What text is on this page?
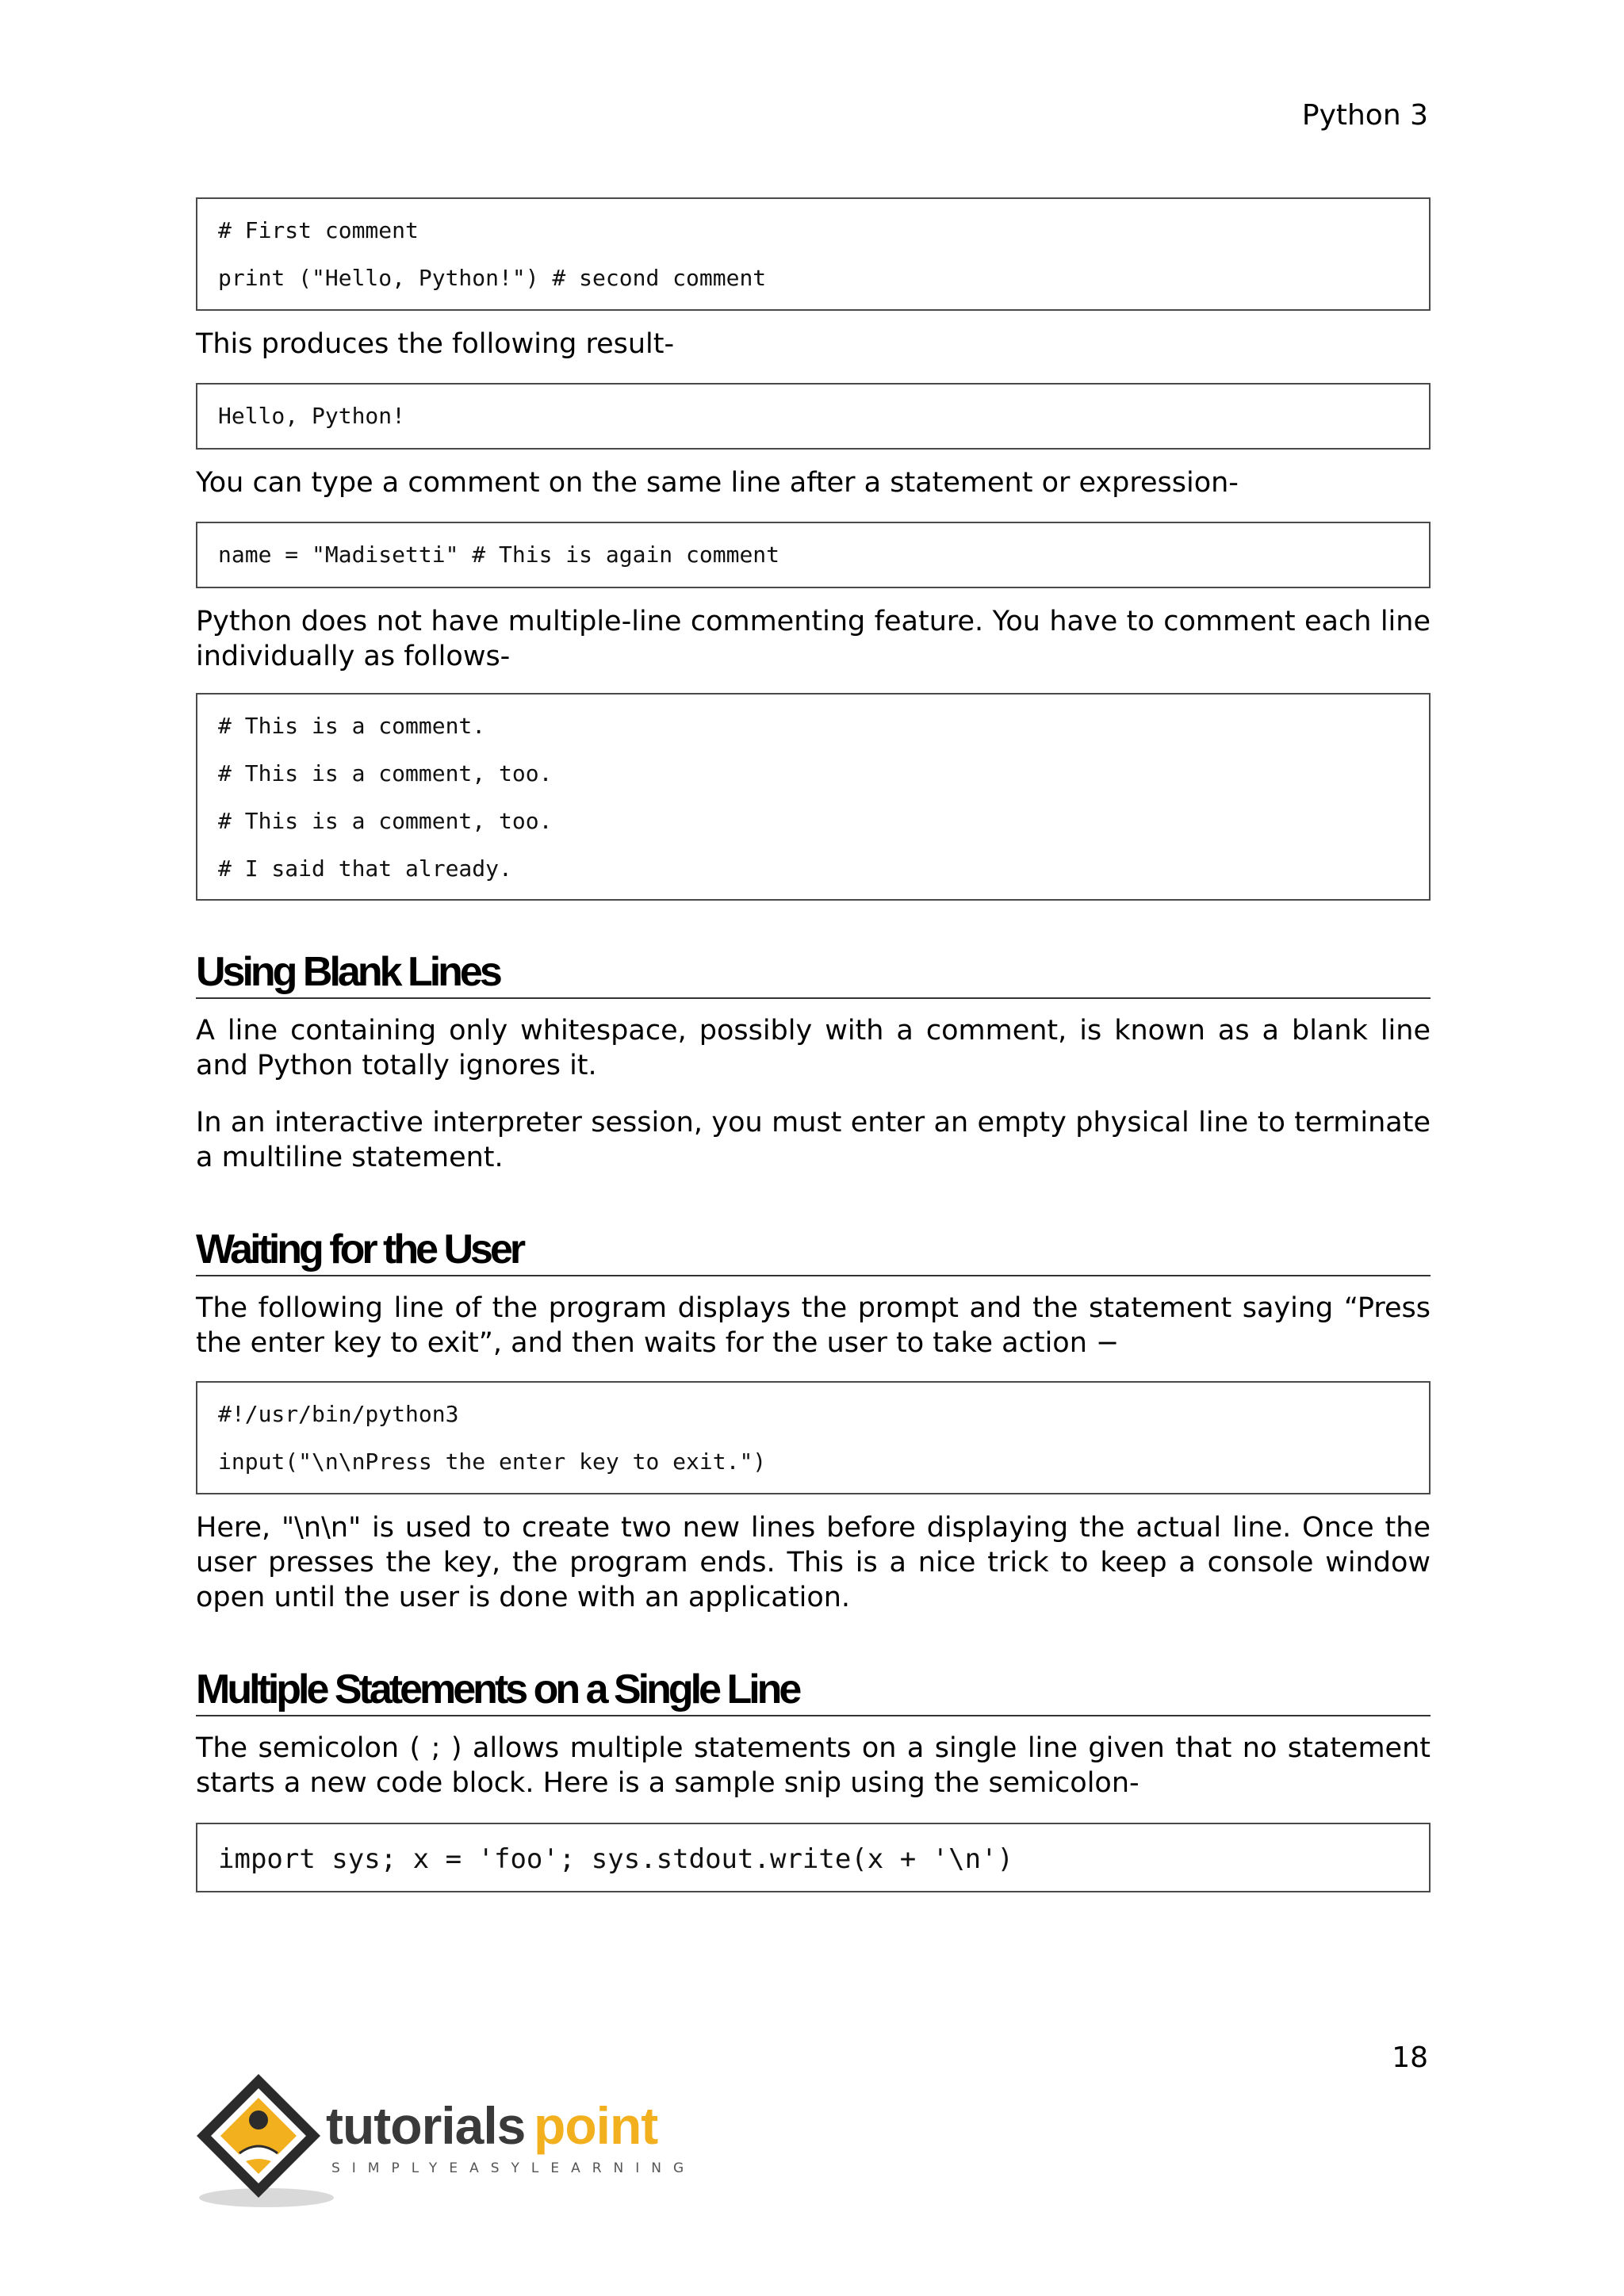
Python 3
# First comment
print ("Hello, Python!") # second comment

This produces the following result-

Hello, Python!

You can type a comment on the same line after a statement or expression-

name = "Madisetti" # This is again comment

Python does not have multiple-line commenting feature. You have to comment each line individually as follows-

# This is a comment.
# This is a comment, too.
# This is a comment, too.
# I said that already.
Using Blank Lines

A line containing only whitespace, possibly with a comment, is known as a blank line and Python totally ignores it.

In an interactive interpreter session, you must enter an empty physical line to terminate a multiline statement.

Waiting for the User

The following line of the program displays the prompt and the statement saying “Press the enter key to exit”, and then waits for the user to take action −

#!/usr/bin/python3
input("\n\nPress the enter key to exit.")

Here, "\n\n" is used to create two new lines before displaying the actual line. Once the user presses the key, the program ends. This is a nice trick to keep a console window open until the user is done with an application.

Multiple Statements on a Single Line

The semicolon ( ; ) allows multiple statements on a single line given that no statement starts a new code block. Here is a sample snip using the semicolon-

import sys; x = 'foo'; sys.stdout.write(x + '\n')
18
tutorials point
SIMPLYEASYLEARNING
